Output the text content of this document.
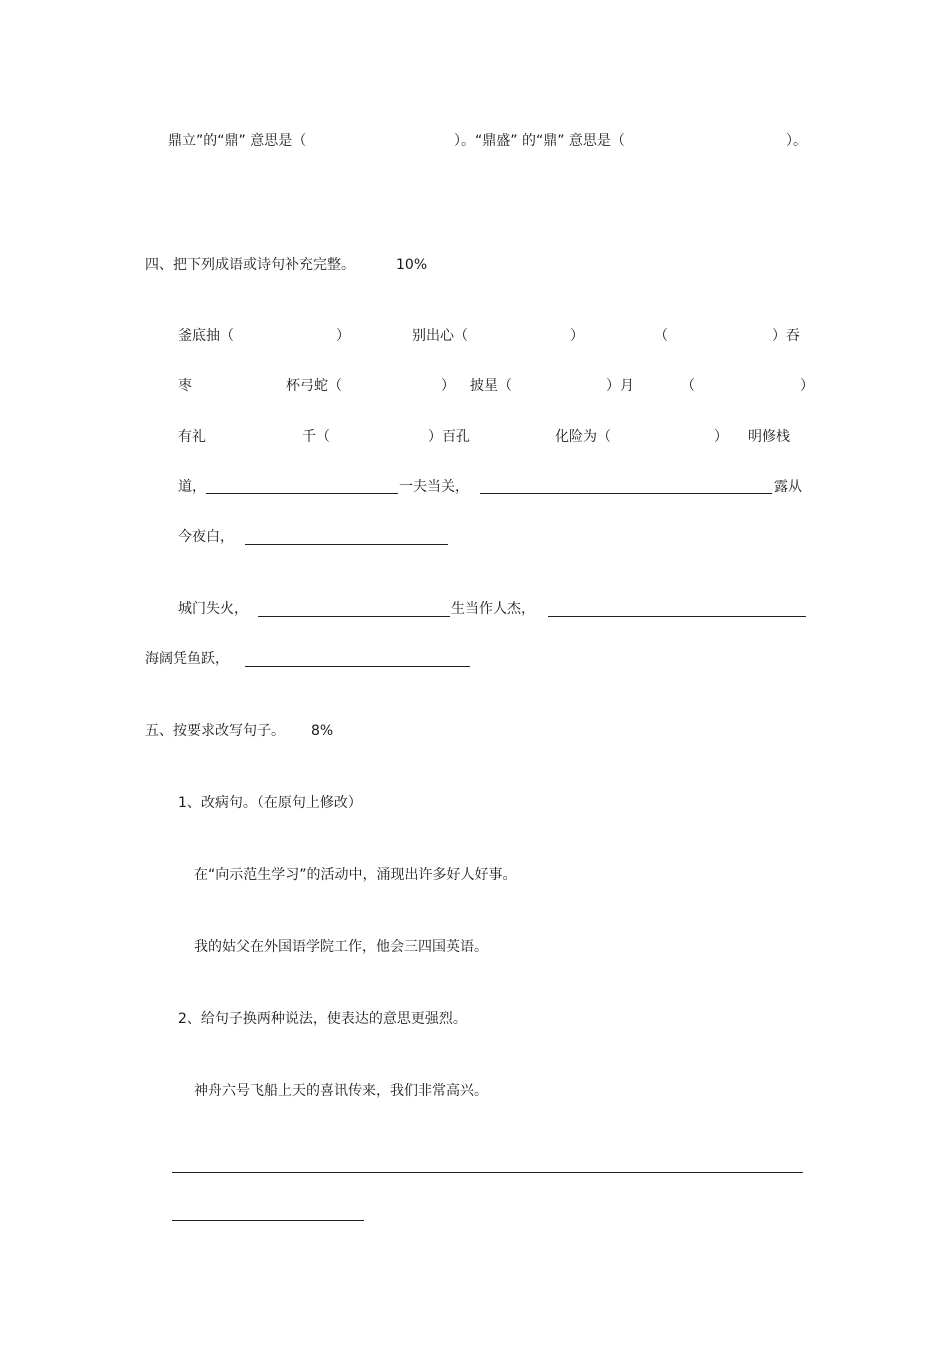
鼎立”的“鼎” 意思是（	）。“鼎盛” 的“鼎” 意思是（	）。
四、把下列成语或诗句补充完整。	10%
釜底抽（	）	别出心（	）	（	）吞
枣	杯弓蛇（	） 披星（	）月	（	）
有礼	千（	）百孔	化险为（	） 明修栈
道，	一夫当关，	露从
今夜白，
城门失火，	生当作人杰，
海阔凭鱼跃，
五、按要求改写句子。 8%
1、改病句。（在原句上修改）
在“向示范生学习”的活动中，涌现出许多好人好事。
我的姑父在外国语学院工作，他会三四国英语。
2、给句子换两种说法，使表达的意思更强烈。
神舟六号飞船上天的喜讯传来，我们非常高兴。
